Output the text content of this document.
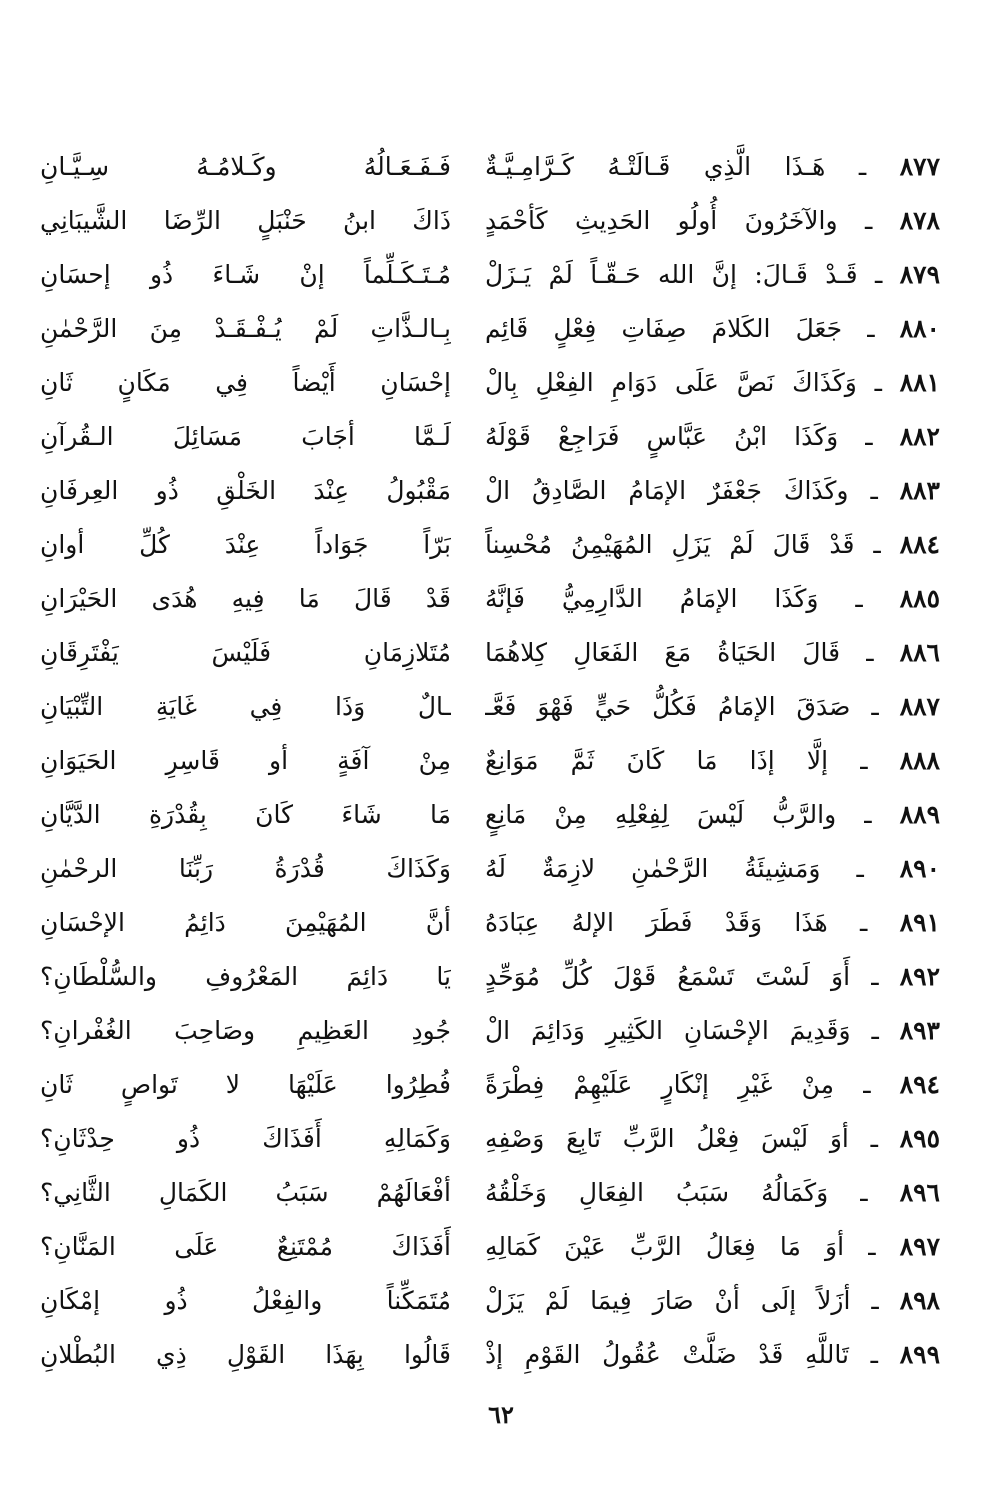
٨٧٧ ـ هَـذَا الَّذِي قَـالَتْـهُ كَـرَّامِـيَّـةٌ
فَـفَـعَـالُهُ وكَـلامُـهُ سِـيَّـانِ
٨٧٨ ـ والآخَرُونَ أُولُو الحَدِيثِ كَأحْمَدٍ
ذَاكَ ابنُ حَنْبَلٍ الرِّضَا الشَّيبَانِي
٨٧٩ ـ قَـدْ قَـالَ: إنَّ الله حَـقّـاً لَمْ يَـزَلْ
مُـتَـكَـلِّماً إنْ شَـاءَ ذُو إحسَانِ
٨٨٠ ـ جَعَلَ الكَلامَ صِفَاتِ فِعْلٍ قَائِم
بِـالـذَّاتِ لَمْ يُـفْـقَـدْ مِنَ الرَّحْمٰنِ
٨٨١ ـ وَكَذَاكَ نَصَّ عَلَى دَوَامِ الفِعْلِ بِالْ
إحْسَانِ أَيْضاً فِي مَكَانٍ ثَانِ
٨٨٢ ـ وَكَذَا ابْنُ عَبَّاسٍ فَرَاجِعْ قَوْلَهُ
لَـمَّا أجَابَ مَسَائِلَ الـقُرآنِ
٨٨٣ ـ وكَذَاكَ جَعْفَرٌ الإمَامُ الصَّادِقُ الْ
مَقْبُولُ عِنْدَ الخَلْقِ ذُو العِرفَانِ
٨٨٤ ـ قَدْ قَالَ لَمْ يَزَلِ المُهَيْمِنُ مُحْسِناً
بَرّاً جَوَاداً عِنْدَ كُلِّ أوانِ
٨٨٥ ـ وَكَذَا الإمَامُ الدَّارِمِيُّ فَإنَّهُ
قَدْ قَالَ مَا فِيهِ هُدَى الحَيْرَانِ
٨٨٦ ـ قَالَ الحَيَاةُ مَعَ الفَعَالِ كِلاهُمَا
مُتَلازِمَانِ فَلَيْسَ يَفْتَرِقَانِ
٨٨٧ ـ صَدَقَ الإمَامُ فَكُلُّ حَيٍّ فَهْوَ فَعَّـ
ـالٌ وَذَا فِي غَايَةِ التِّبْيَانِ
٨٨٨ ـ إلَّا إذَا مَا كَانَ ثَمَّ مَوَانِعٌ
مِنْ آفَةٍ أو قَاسِرِ الحَيَوَانِ
٨٨٩ ـ والرَّبُّ لَيْسَ لِفِعْلِهِ مِنْ مَانِعٍ
مَا شَاءَ كَانَ بِقُدْرَةِ الدَّيَّانِ
٨٩٠ ـ وَمَشِيئَةُ الرَّحْمٰنِ لازِمَةٌ لَهُ
وَكَذَاكَ قُدْرَةُ رَبِّنَا الرحْمٰنِ
٨٩١ ـ هَذَا وَقَدْ فَطَرَ الإلهُ عِبَادَهُ
أنَّ المُهَيْمِنَ دَائِمُ الإحْسَانِ
٨٩٢ ـ أَوَ لَسْتَ تَسْمَعُ قَوْلَ كُلِّ مُوَحِّدٍ
يَا دَائِمَ المَعْرُوفِ والسُّلْطَانِ؟
٨٩٣ ـ وَقَدِيمَ الإحْسَانِ الكَثِيرِ وَدَائِمَ الْ
جُودِ العَظِيمِ وصَاحِبَ الغُفْرانِ؟
٨٩٤ ـ مِنْ غَيْرِ إنْكَارٍ عَلَيْهِمْ فِطْرَةً
فُطِرُوا عَلَيْهَا لا تَواصٍ ثَانِ
٨٩٥ ـ أوَ لَيْسَ فِعْلُ الرَّبِّ تَابِعَ وَصْفِهِ
وَكَمَالِهِ أَفَذَاكَ ذُو حِدْثَانِ؟
٨٩٦ ـ وَكَمَالُهُ سَبَبُ الفِعَالِ وَخَلْقُهُ
أفْعَالَهُمْ سَبَبُ الكَمَالِ الثَّانِي؟
٨٩٧ ـ أوَ مَا فِعَالُ الرَّبِّ عَيْنَ كَمَالِهِ
أَفَذَاكَ مُمْتَنِعٌ عَلَى المَنَّانِ؟
٨٩٨ ـ أزَلاً إلَى أنْ صَارَ فِيمَا لَمْ يَزَلْ
مُتَمَكِّناً والفِعْلُ ذُو إمْكَانِ
٨٩٩ ـ تَاللَّهِ قَدْ ضَلَّتْ عُقُولُ القَوْمِ إذْ
قَالُوا بِهَذَا القَوْلِ ذِي البُطْلانِ
٦٢
